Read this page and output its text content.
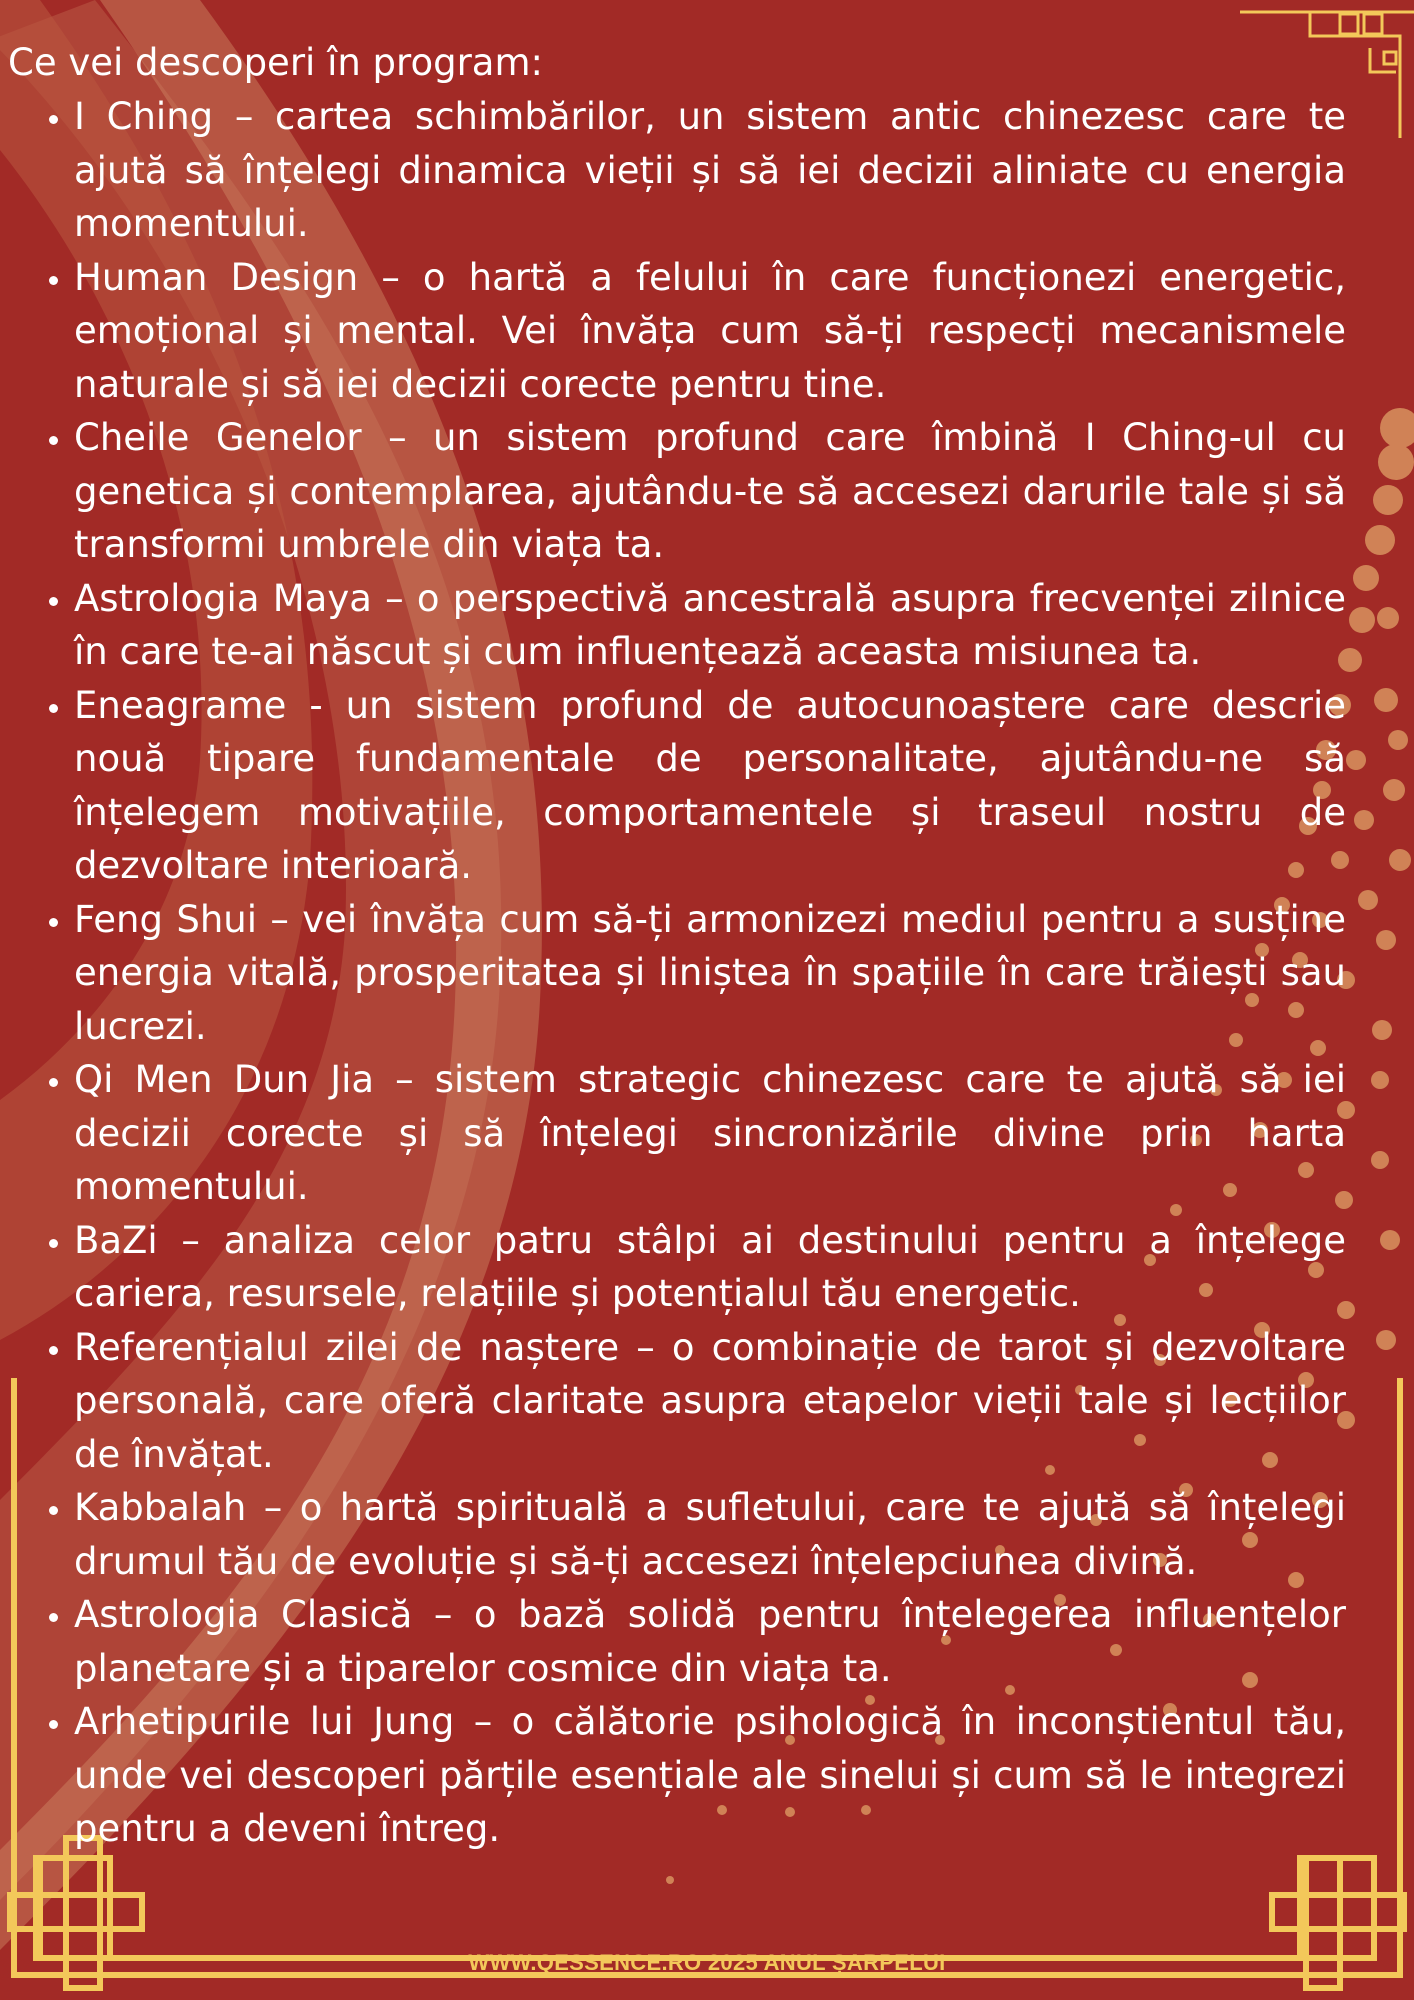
Ce vei descoperi în program:

• I Ching – cartea schimbărilor, un sistem antic chinezesc care te ajută să înțelegi dinamica vieții și să iei decizii aliniate cu energia momentului.
• Human Design – o hartă a felului în care funcționezi energetic, emoțional și mental. Vei învăța cum să-ți respecți mecanismele naturale și să iei decizii corecte pentru tine.
• Cheile Genelor – un sistem profund care îmbină I Ching-ul cu genetica și contemplarea, ajutându-te să accesezi darurile tale și să transformi umbrele din viața ta.
• Astrologia Maya – o perspectivă ancestrală asupra frecvenței zilnice în care te-ai născut și cum influențează aceasta misiunea ta.
• Eneagrame - un sistem profund de autocunoaștere care descrie nouă tipare fundamentale de personalitate, ajutându-ne să înțelegem motivațiile, comportamentele și traseul nostru de dezvoltare interioară.
• Feng Shui – vei învăța cum să-ți armonizezi mediul pentru a susține energia vitală, prosperitatea și liniștea în spațiile în care trăiești sau lucrezi.
• Qi Men Dun Jia – sistem strategic chinezesc care te ajută să iei decizii corecte și să înțelegi sincronizările divine prin harta momentului.
• BaZi – analiza celor patru stâlpi ai destinului pentru a înțelege cariera, resursele, relațiile și potențialul tău energetic.
• Referențialul zilei de naștere – o combinație de tarot și dezvoltare personală, care oferă claritate asupra etapelor vieții tale și lecțiilor de învățat.
• Kabbalah – o hartă spirituală a sufletului, care te ajută să înțelegi drumul tău de evoluție și să-ți accesezi înțelepciunea divină.
• Astrologia Clasică – o bază solidă pentru înțelegerea influențelor planetare și a tiparelor cosmice din viața ta.
• Arhetipurile lui Jung – o călătorie psihologică în inconștientul tău, unde vei descoperi părțile esențiale ale sinelui și cum să le integrezi pentru a deveni întreg.
WWW.QESSENCE.RO 2025 ANUL ȘARPELUI
